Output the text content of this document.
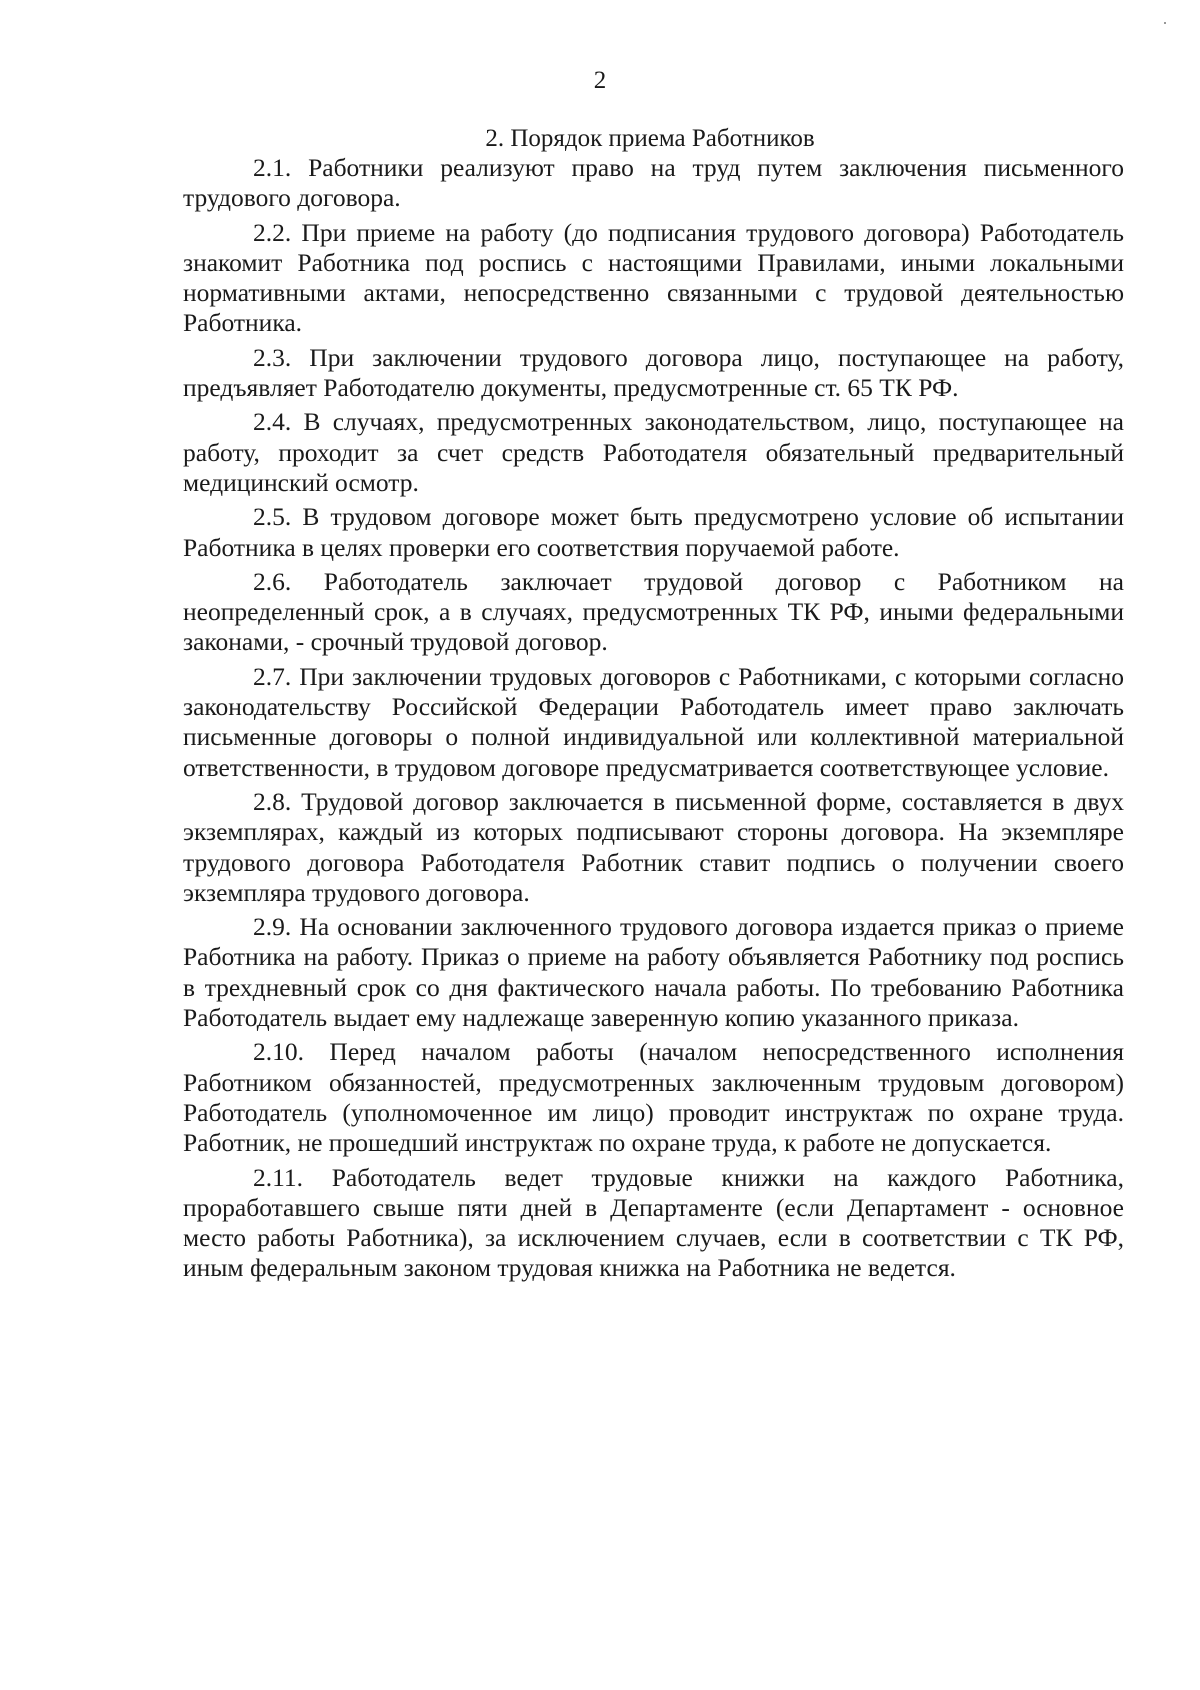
2
2. Порядок приема Работников

2.1. Работники реализуют право на труд путем заключения письменного трудового договора.

2.2. При приеме на работу (до подписания трудового договора) Работодатель знакомит Работника под роспись с настоящими Правилами, иными локальными нормативными актами, непосредственно связанными с трудовой деятельностью Работника.

2.3. При заключении трудового договора лицо, поступающее на работу, предъявляет Работодателю документы, предусмотренные ст. 65 ТК РФ.

2.4. В случаях, предусмотренных законодательством, лицо, поступающее на работу, проходит за счет средств Работодателя обязательный предварительный медицинский осмотр.

2.5. В трудовом договоре может быть предусмотрено условие об испытании Работника в целях проверки его соответствия поручаемой работе.

2.6. Работодатель заключает трудовой договор с Работником на неопределенный срок, а в случаях, предусмотренных ТК РФ, иными федеральными законами, - срочный трудовой договор.

2.7. При заключении трудовых договоров с Работниками, с которыми согласно законодательству Российской Федерации Работодатель имеет право заключать письменные договоры о полной индивидуальной или коллективной материальной ответственности, в трудовом договоре предусматривается соответствующее условие.

2.8. Трудовой договор заключается в письменной форме, составляется в двух экземплярах, каждый из которых подписывают стороны договора. На экземпляре трудового договора Работодателя Работник ставит подпись о получении своего экземпляра трудового договора.

2.9. На основании заключенного трудового договора издается приказ о приеме Работника на работу. Приказ о приеме на работу объявляется Работнику под роспись в трехдневный срок со дня фактического начала работы. По требованию Работника Работодатель выдает ему надлежаще заверенную копию указанного приказа.

2.10. Перед началом работы (началом непосредственного исполнения Работником обязанностей, предусмотренных заключенным трудовым договором) Работодатель (уполномоченное им лицо) проводит инструктаж по охране труда. Работник, не прошедший инструктаж по охране труда, к работе не допускается.

2.11. Работодатель ведет трудовые книжки на каждого Работника, проработавшего свыше пяти дней в Департаменте (если Департамент - основное место работы Работника), за исключением случаев, если в соответствии с ТК РФ, иным федеральным законом трудовая книжка на Работника не ведется.
